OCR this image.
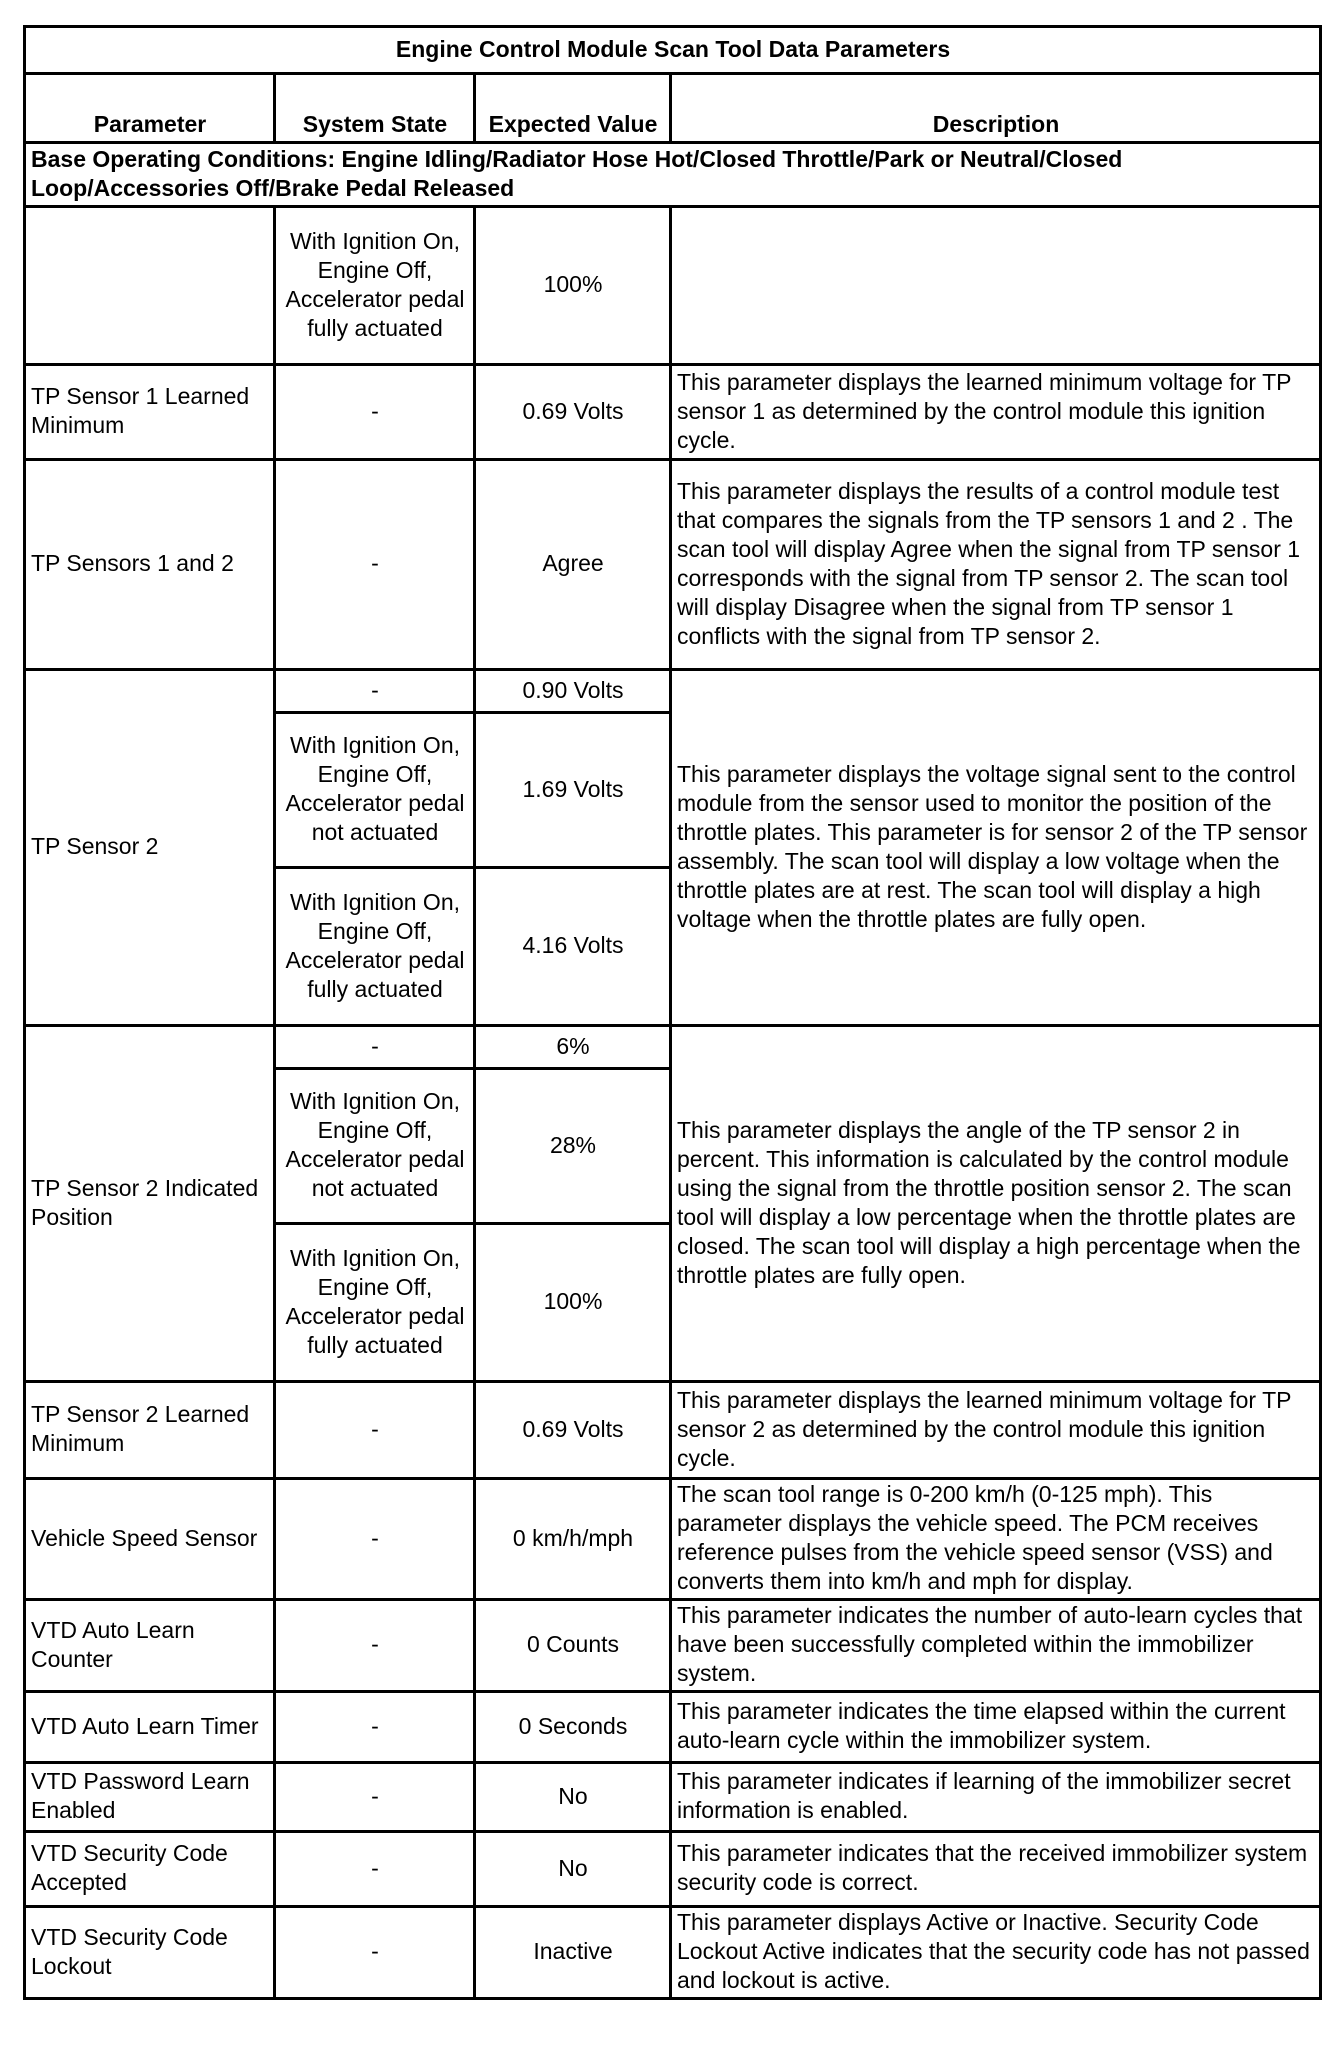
Engine Control Module Scan Tool Data Parameters			
Parameter	System State	Expected Value	Description
Base Operating Conditions: Engine Idling/Radiator Hose Hot/Closed Throttle/Park or Neutral/Closed Loop/Accessories Off/Brake Pedal Released			
	With Ignition On, Engine Off, Accelerator pedal fully actuated	100%	
TP Sensor 1 Learned Minimum	-	0.69 Volts	This parameter displays the learned minimum voltage for TP sensor 1 as determined by the control module this ignition cycle.
TP Sensors 1 and 2	-	Agree	This parameter displays the results of a control module test that compares the signals from the TP sensors 1 and 2 . The scan tool will display Agree when the signal from TP sensor 1 corresponds with the signal from TP sensor 2. The scan tool will display Disagree when the signal from TP sensor 1 conflicts with the signal from TP sensor 2.
TP Sensor 2	-	0.90 Volts	This parameter displays the voltage signal sent to the control module from the sensor used to monitor the position of the throttle plates. This parameter is for sensor 2 of the TP sensor assembly. The scan tool will display a low voltage when the throttle plates are at rest. The scan tool will display a high voltage when the throttle plates are fully open.
	With Ignition On, Engine Off, Accelerator pedal not actuated	1.69 Volts	
	With Ignition On, Engine Off, Accelerator pedal fully actuated	4.16 Volts	
TP Sensor 2 Indicated Position	-	6%	This parameter displays the angle of the TP sensor 2 in percent. This information is calculated by the control module using the signal from the throttle position sensor 2. The scan tool will display a low percentage when the throttle plates are closed. The scan tool will display a high percentage when the throttle plates are fully open.
	With Ignition On, Engine Off, Accelerator pedal not actuated	28%	
	With Ignition On, Engine Off, Accelerator pedal fully actuated	100%	
TP Sensor 2 Learned Minimum	-	0.69 Volts	This parameter displays the learned minimum voltage for TP sensor 2 as determined by the control module this ignition cycle.
Vehicle Speed Sensor	-	0 km/h/mph	The scan tool range is 0-200 km/h (0-125 mph). This parameter displays the vehicle speed. The PCM receives reference pulses from the vehicle speed sensor (VSS) and converts them into km/h and mph for display.
VTD Auto Learn Counter	-	0 Counts	This parameter indicates the number of auto-learn cycles that have been successfully completed within the immobilizer system.
VTD Auto Learn Timer	-	0 Seconds	This parameter indicates the time elapsed within the current auto-learn cycle within the immobilizer system.
VTD Password Learn Enabled	-	No	This parameter indicates if learning of the immobilizer secret information is enabled.
VTD Security Code Accepted	-	No	This parameter indicates that the received immobilizer system security code is correct.
VTD Security Code Lockout	-	Inactive	This parameter displays Active or Inactive. Security Code Lockout Active indicates that the security code has not passed and lockout is active.
